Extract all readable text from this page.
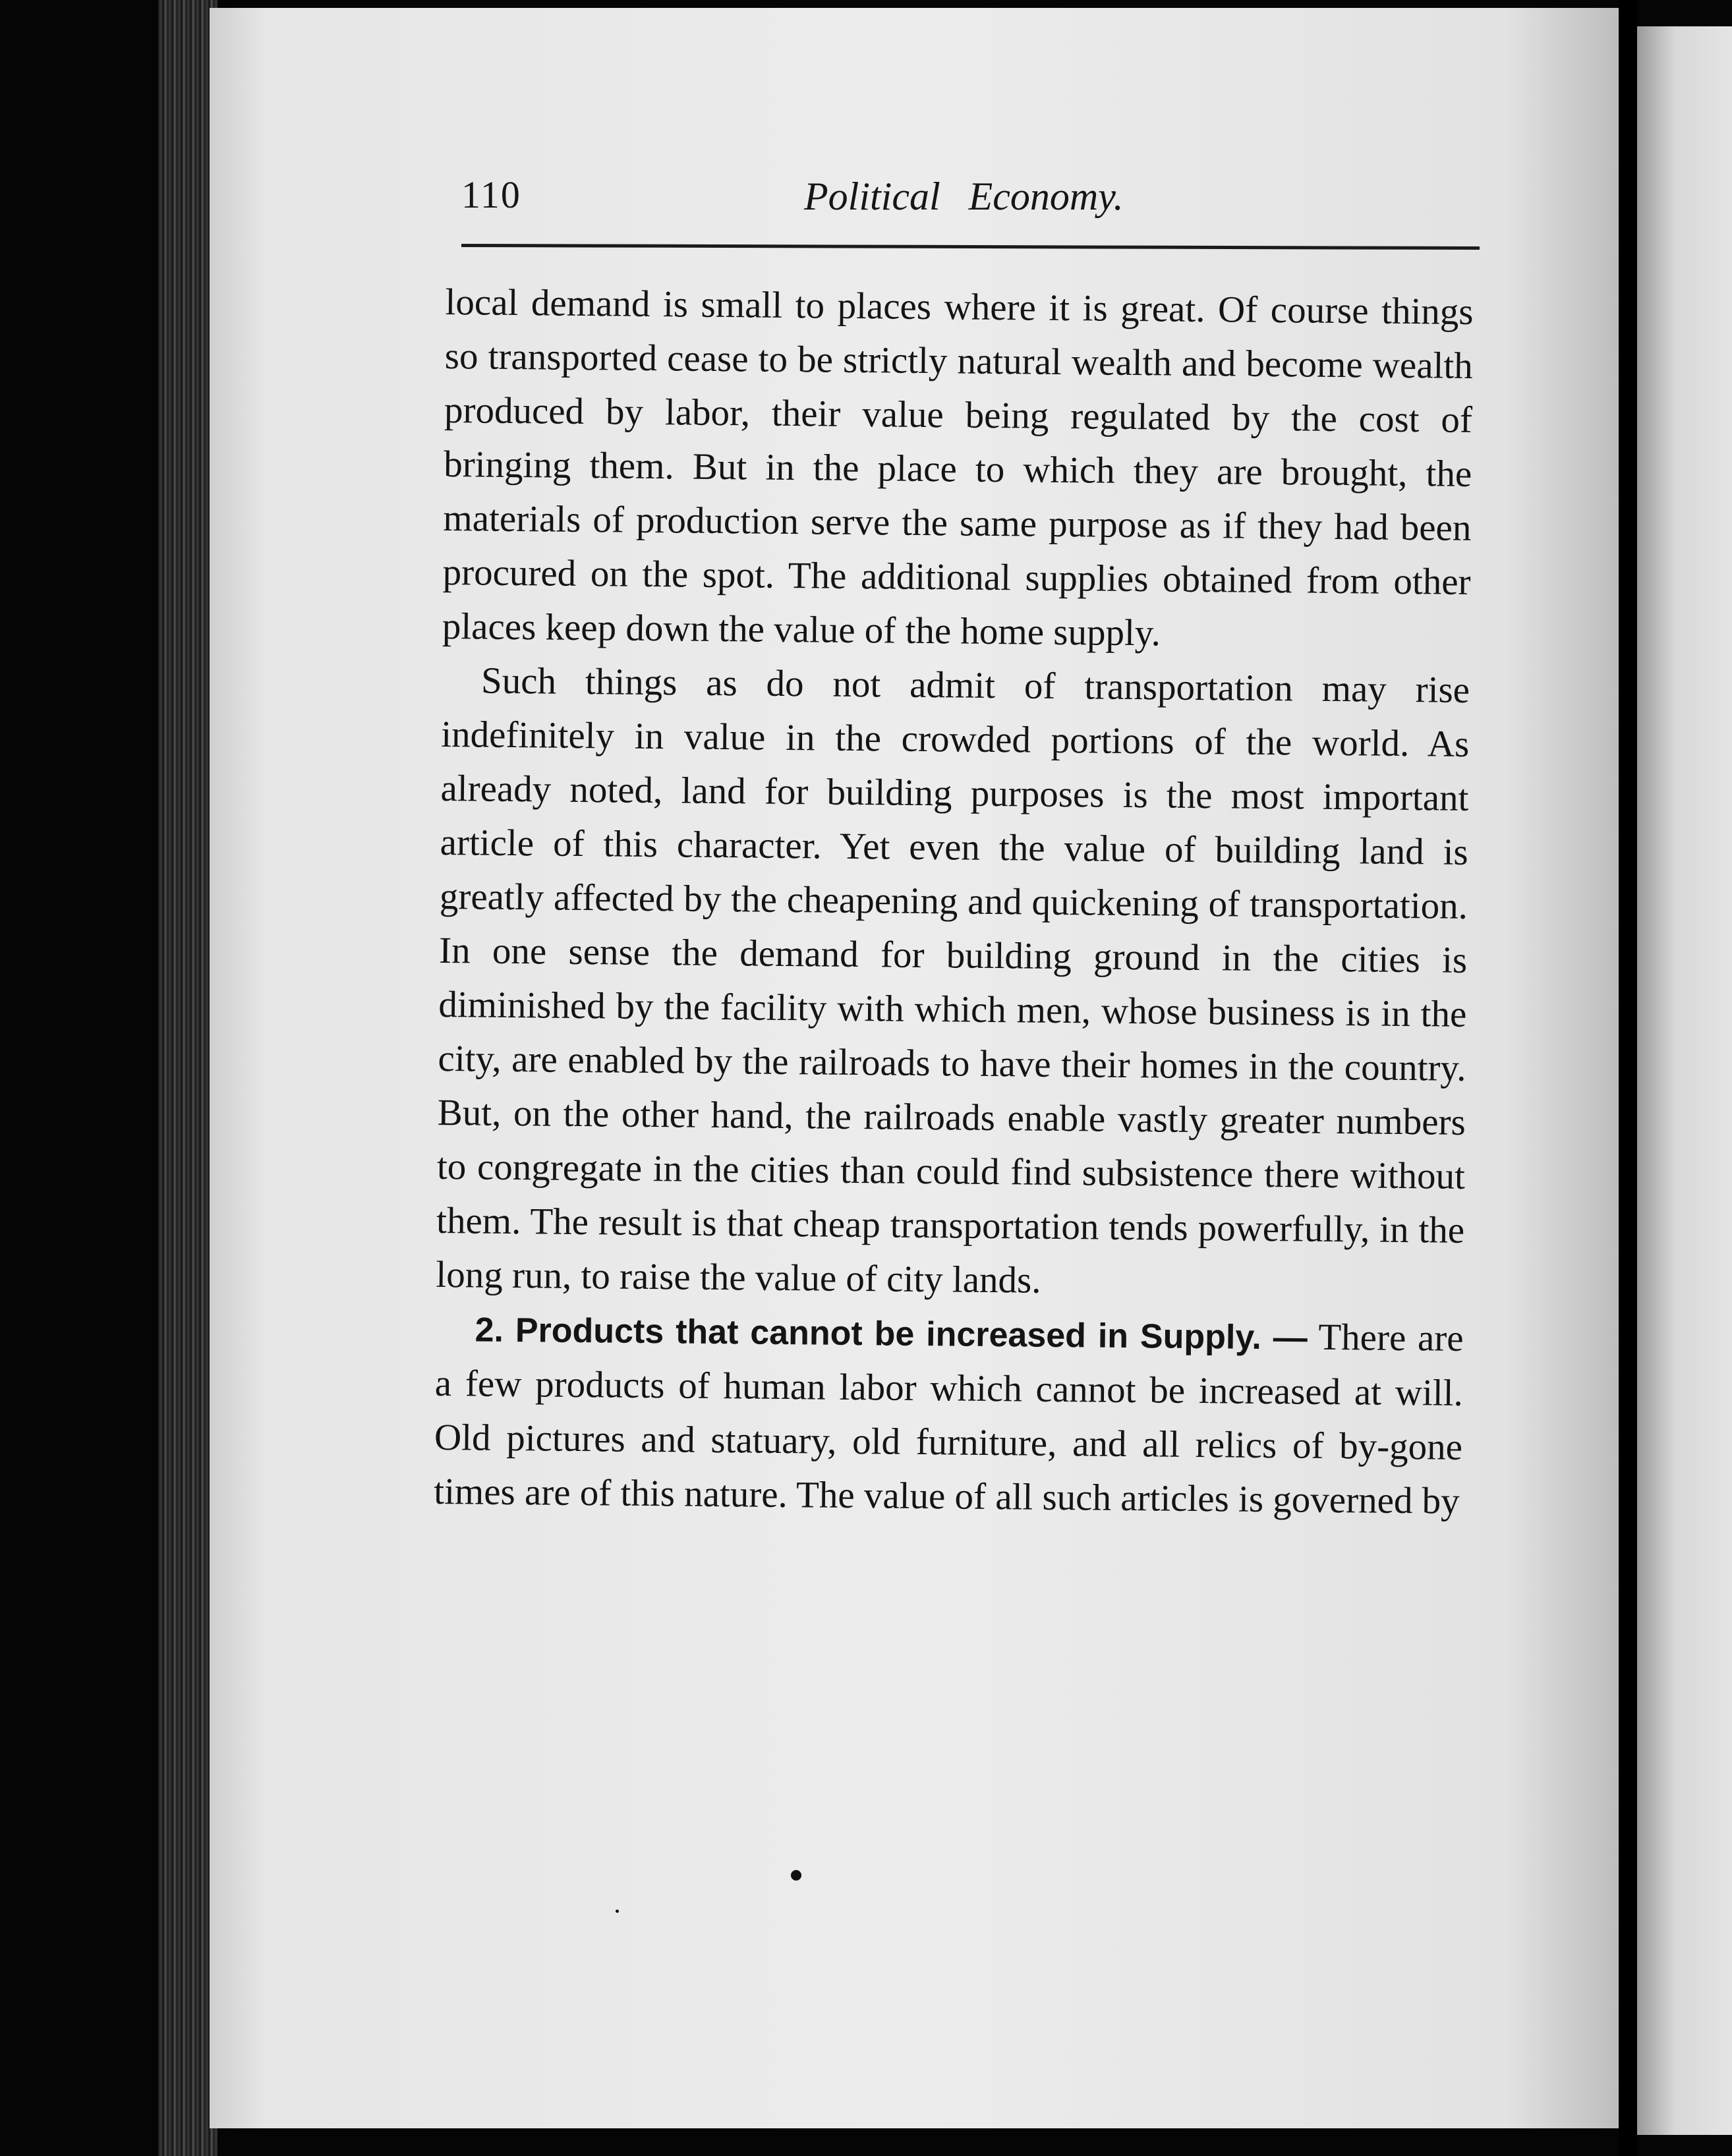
110	Political Economy.

local demand is small to places where it is great. Of course things so transported cease to be strictly natural wealth and become wealth produced by labor, their value being regulated by the cost of bringing them. But in the place to which they are brought, the materials of production serve the same purpose as if they had been procured on the spot. The additional supplies obtained from other places keep down the value of the home supply.

Such things as do not admit of transportation may rise indefinitely in value in the crowded portions of the world. As already noted, land for building purposes is the most important article of this character. Yet even the value of building land is greatly affected by the cheapening and quickening of transportation. In one sense the demand for building ground in the cities is diminished by the facility with which men, whose business is in the city, are enabled by the railroads to have their homes in the country. But, on the other hand, the railroads enable vastly greater numbers to congregate in the cities than could find subsistence there without them. The result is that cheap transportation tends powerfully, in the long run, to raise the value of city lands.

2. Products that cannot be increased in Supply. — There are a few products of human labor which cannot be increased at will. Old pictures and statuary, old furniture, and all relics of by-gone times are of this nature. The value of all such articles is governed by
